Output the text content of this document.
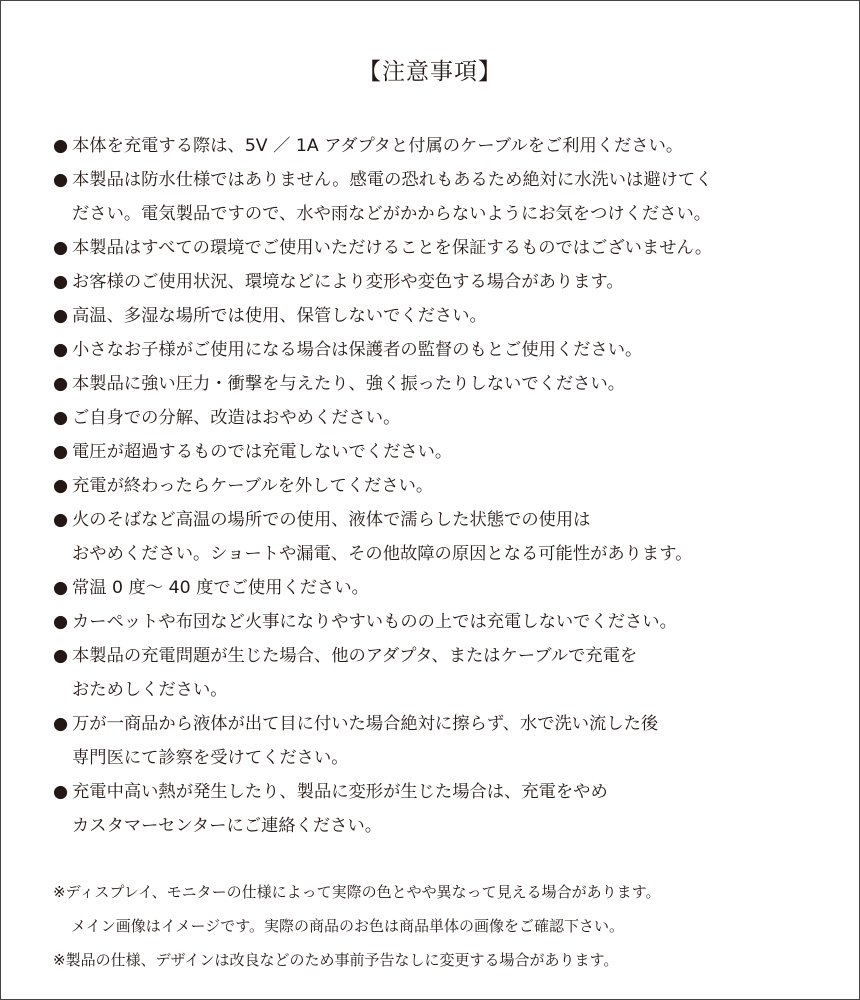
【注意事項】
● 本体を充電する際は、5V ／ 1A アダプタと付属のケーブルをご利用ください。
● 本製品は防水仕様ではありません。感電の恐れもあるため絶対に水洗いは避けてく
ださい。電気製品ですので、水や雨などがかからないようにお気をつけください。
● 本製品はすべての環境でご使用いただけることを保証するものではございません。
● お客様のご使用状況、環境などにより変形や変色する場合があります。
● 高温、多湿な場所では使用、保管しないでください。
● 小さなお子様がご使用になる場合は保護者の監督のもとご使用ください。
● 本製品に強い圧力・衝撃を与えたり、強く振ったりしないでください。
● ご自身での分解、改造はおやめください。
● 電圧が超過するものでは充電しないでください。
● 充電が終わったらケーブルを外してください。
● 火のそばなど高温の場所での使用、液体で濡らした状態での使用は
おやめください。ショートや漏電、その他故障の原因となる可能性があります。
● 常温 0 度～ 40 度でご使用ください。
● カーペットや布団など火事になりやすいものの上では充電しないでください。
● 本製品の充電問題が生じた場合、他のアダプタ、またはケーブルで充電を
おためしください。
● 万が一商品から液体が出て目に付いた場合絶対に擦らず、水で洗い流した後
専門医にて診察を受けてください。
● 充電中高い熱が発生したり、製品に変形が生じた場合は、充電をやめ
カスタマーセンターにご連絡ください。
※ディスプレイ、モニターの仕様によって実際の色とやや異なって見える場合があります。
メイン画像はイメージです。実際の商品のお色は商品単体の画像をご確認下さい。
※製品の仕様、デザインは改良などのため事前予告なしに変更する場合があります。
